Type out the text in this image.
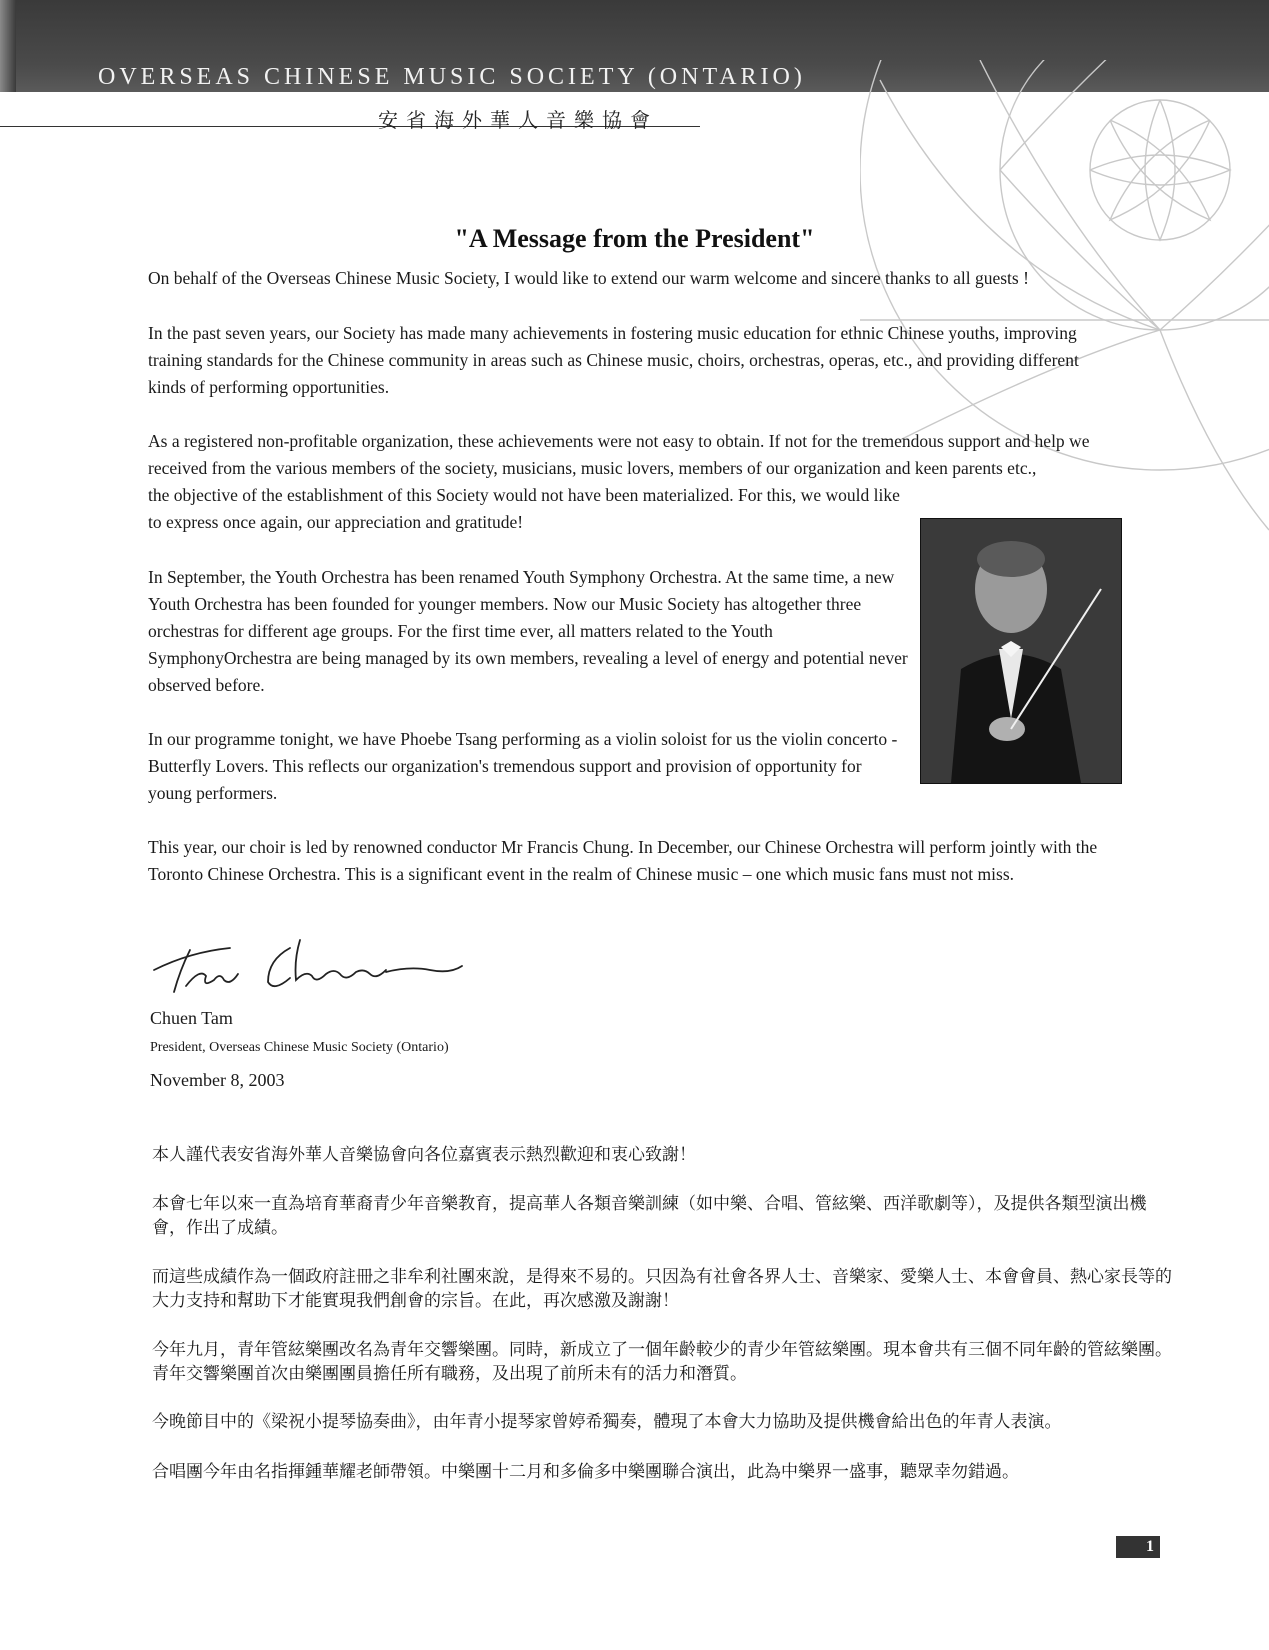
OVERSEAS CHINESE MUSIC SOCIETY (ONTARIO)
安省海外華人音樂協會
"A Message from the President"

On behalf of the Overseas Chinese Music Society, I would like to extend our warm welcome and sincere thanks to all guests !

In the past seven years, our Society has made many achievements in fostering music education for ethnic Chinese youths, improving training standards for the Chinese community in areas such as Chinese music, choirs, orchestras, operas, etc., and providing different kinds of performing opportunities.

As a registered non-profitable organization, these achievements were not easy to obtain. If not for the tremendous support and help we received from the various members of the society, musicians, music lovers, members of our organization and keen parents etc.,

the objective of the establishment of this Society would not have been materialized. For this, we would like to express once again, our appreciation and gratitude!

In September, the Youth Orchestra has been renamed Youth Symphony Orchestra. At the same time, a new Youth Orchestra has been founded for younger members. Now our Music Society has altogether three orchestras for different age groups. For the first time ever, all matters related to the Youth SymphonyOrchestra are being managed by its own members, revealing a level of energy and potential never observed before.

In our programme tonight, we have Phoebe Tsang performing as a violin soloist for us the violin concerto - Butterfly Lovers. This reflects our organization's tremendous support and provision of opportunity for young performers.

This year, our choir is led by renowned conductor Mr Francis Chung. In December, our Chinese Orchestra will perform jointly with the Toronto Chinese Orchestra. This is a significant event in the realm of Chinese music – one which music fans must not miss.

Chuen Tam
President, Overseas Chinese Music Society (Ontario)
November 8, 2003

本人謹代表安省海外華人音樂協會向各位嘉賓表示熱烈歡迎和衷心致謝！

本會七年以來一直為培育華裔青少年音樂教育，提高華人各類音樂訓練（如中樂、合唱、管絃樂、西洋歌劇等），及提供各類型演出機會，作出了成績。

而這些成績作為一個政府註冊之非牟利社團來說，是得來不易的。只因為有社會各界人士、音樂家、愛樂人士、本會會員、熱心家長等的大力支持和幫助下才能實現我們創會的宗旨。在此，再次感激及謝謝！

今年九月，青年管絃樂團改名為青年交響樂團。同時，新成立了一個年齡較少的青少年管絃樂團。現本會共有三個不同年齡的管絃樂團。青年交響樂團首次由樂團團員擔任所有職務，及出現了前所未有的活力和潛質。

今晚節目中的《梁祝小提琴協奏曲》，由年青小提琴家曾婷希獨奏，體現了本會大力協助及提供機會給出色的年青人表演。

合唱團今年由名指揮鍾華耀老師帶領。中樂團十二月和多倫多中樂團聯合演出，此為中樂界一盛事，聽眾幸勿錯過。

1
